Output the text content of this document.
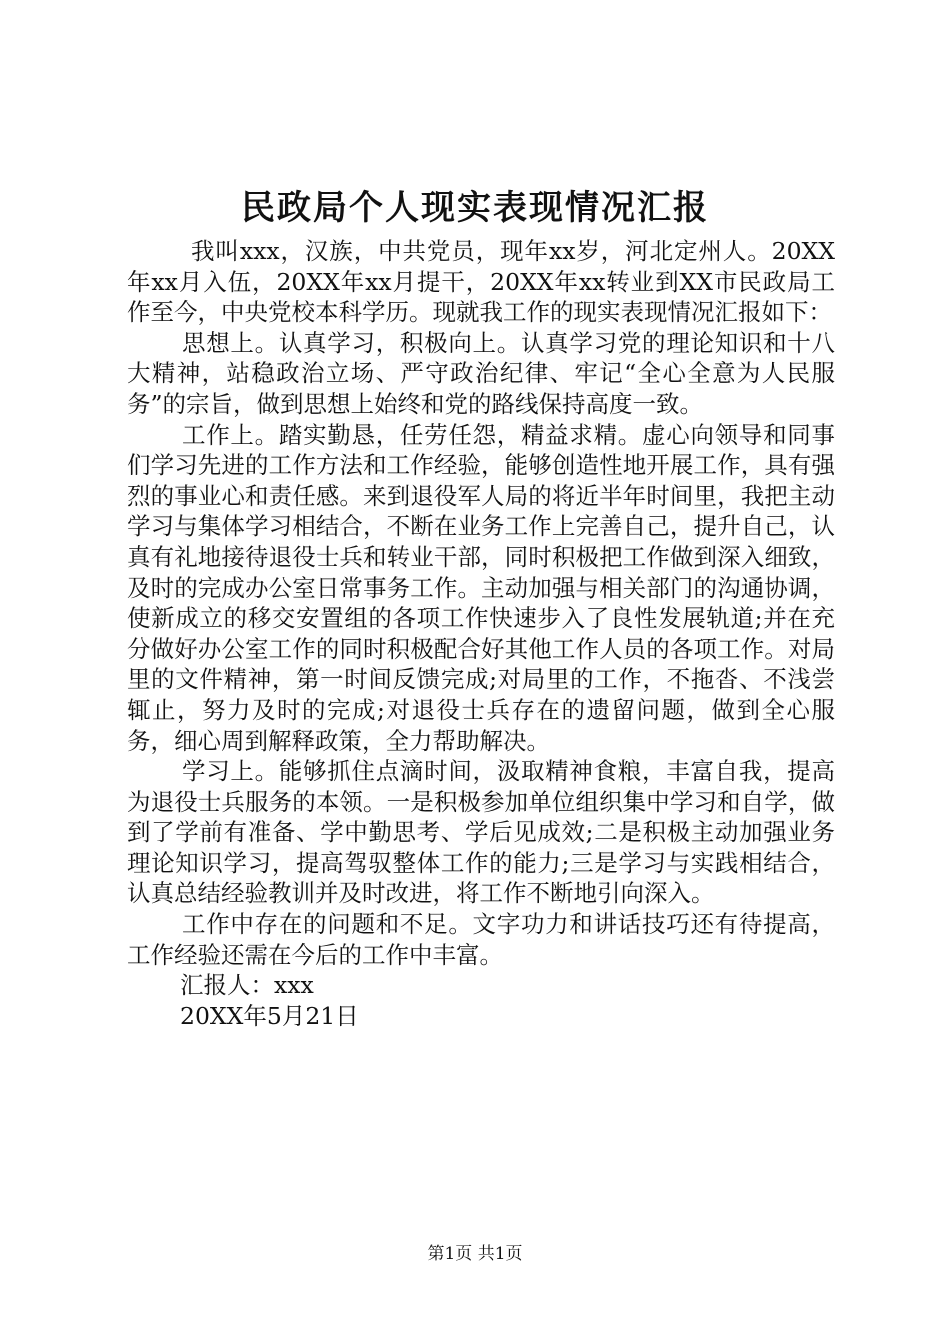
民政局个人现实表现情况汇报

我叫xxx，汉族，中共党员，现年xx岁，河北定州人。20XX年xx月入伍，20XX年xx月提干，20XX年xx转业到XX市民政局工作至今，中央党校本科学历。现就我工作的现实表现情况汇报如下：

思想上。认真学习，积极向上。认真学习党的理论知识和十八大精神，站稳政治立场、严守政治纪律、牢记“全心全意为人民服务”的宗旨，做到思想上始终和党的路线保持高度一致。

工作上。踏实勤恳，任劳任怨，精益求精。虚心向领导和同事们学习先进的工作方法和工作经验，能够创造性地开展工作，具有强烈的事业心和责任感。来到退役军人局的将近半年时间里，我把主动学习与集体学习相结合，不断在业务工作上完善自己，提升自己，认真有礼地接待退役士兵和转业干部，同时积极把工作做到深入细致，及时的完成办公室日常事务工作。主动加强与相关部门的沟通协调，使新成立的移交安置组的各项工作快速步入了良性发展轨道;并在充分做好办公室工作的同时积极配合好其他工作人员的各项工作。对局里的文件精神，第一时间反馈完成;对局里的工作，不拖沓、不浅尝辄止，努力及时的完成;对退役士兵存在的遗留问题，做到全心服务，细心周到解释政策，全力帮助解决。

学习上。能够抓住点滴时间，汲取精神食粮，丰富自我，提高为退役士兵服务的本领。一是积极参加单位组织集中学习和自学，做到了学前有准备、学中勤思考、学后见成效;二是积极主动加强业务理论知识学习，提高驾驭整体工作的能力;三是学习与实践相结合，认真总结经验教训并及时改进，将工作不断地引向深入。

工作中存在的问题和不足。文字功力和讲话技巧还有待提高，工作经验还需在今后的工作中丰富。

汇报人：xxx

20XX年5月21日

第1页 共1页
